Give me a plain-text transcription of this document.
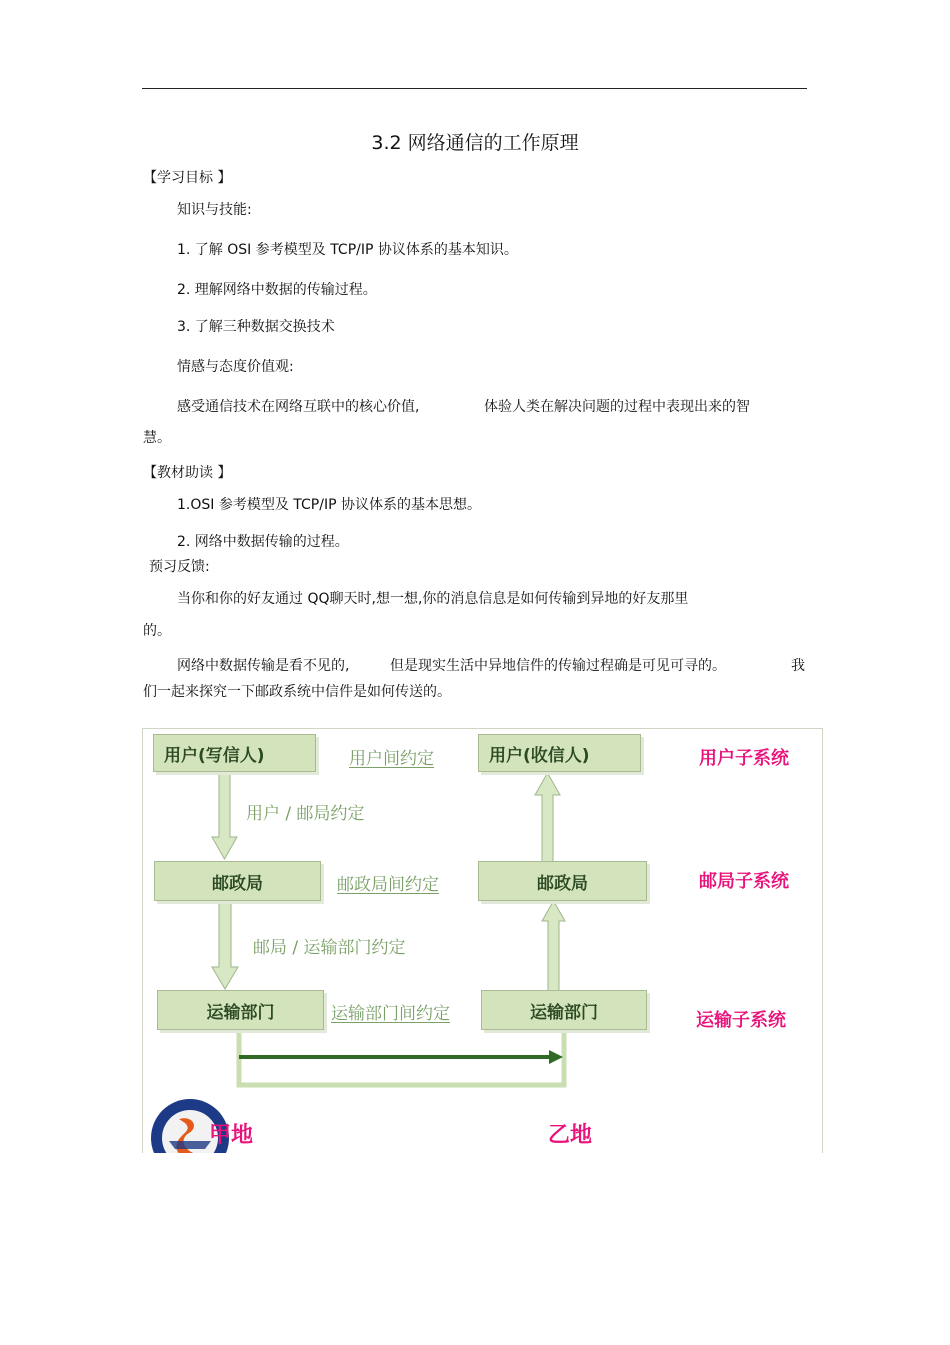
3.2 网络通信的工作原理
【学习目标 】
知识与技能:
1. 了解 OSI 参考模型及 TCP/IP 协议体系的基本知识。
2. 理解网络中数据的传输过程。
3. 了解三种数据交换技术
情感与态度价值观:
感受通信技术在网络互联中的核心价值,	体验人类在解决问题的过程中表现出来的智
慧。
【教材助读 】
1.OSI 参考模型及 TCP/IP 协议体系的基本思想。
2. 网络中数据传输的过程。
预习反馈:
当你和你的好友通过 QQ聊天时,想一想,你的消息信息是如何传输到异地的好友那里
的。
网络中数据传输是看不见的,	但是现实生活中异地信件的传输过程确是可见可寻的。	我
们一起来探究一下邮政系统中信件是如何传送的。
用户(写信人)	用户间约定	用户(收信人)	用户子系统
用户 / 邮局约定
邮政局	邮政局间约定	邮政局	邮局子系统
邮局 / 运输部门约定
运输部门	运输部门间约定	运输部门	运输子系统
甲地	乙地
